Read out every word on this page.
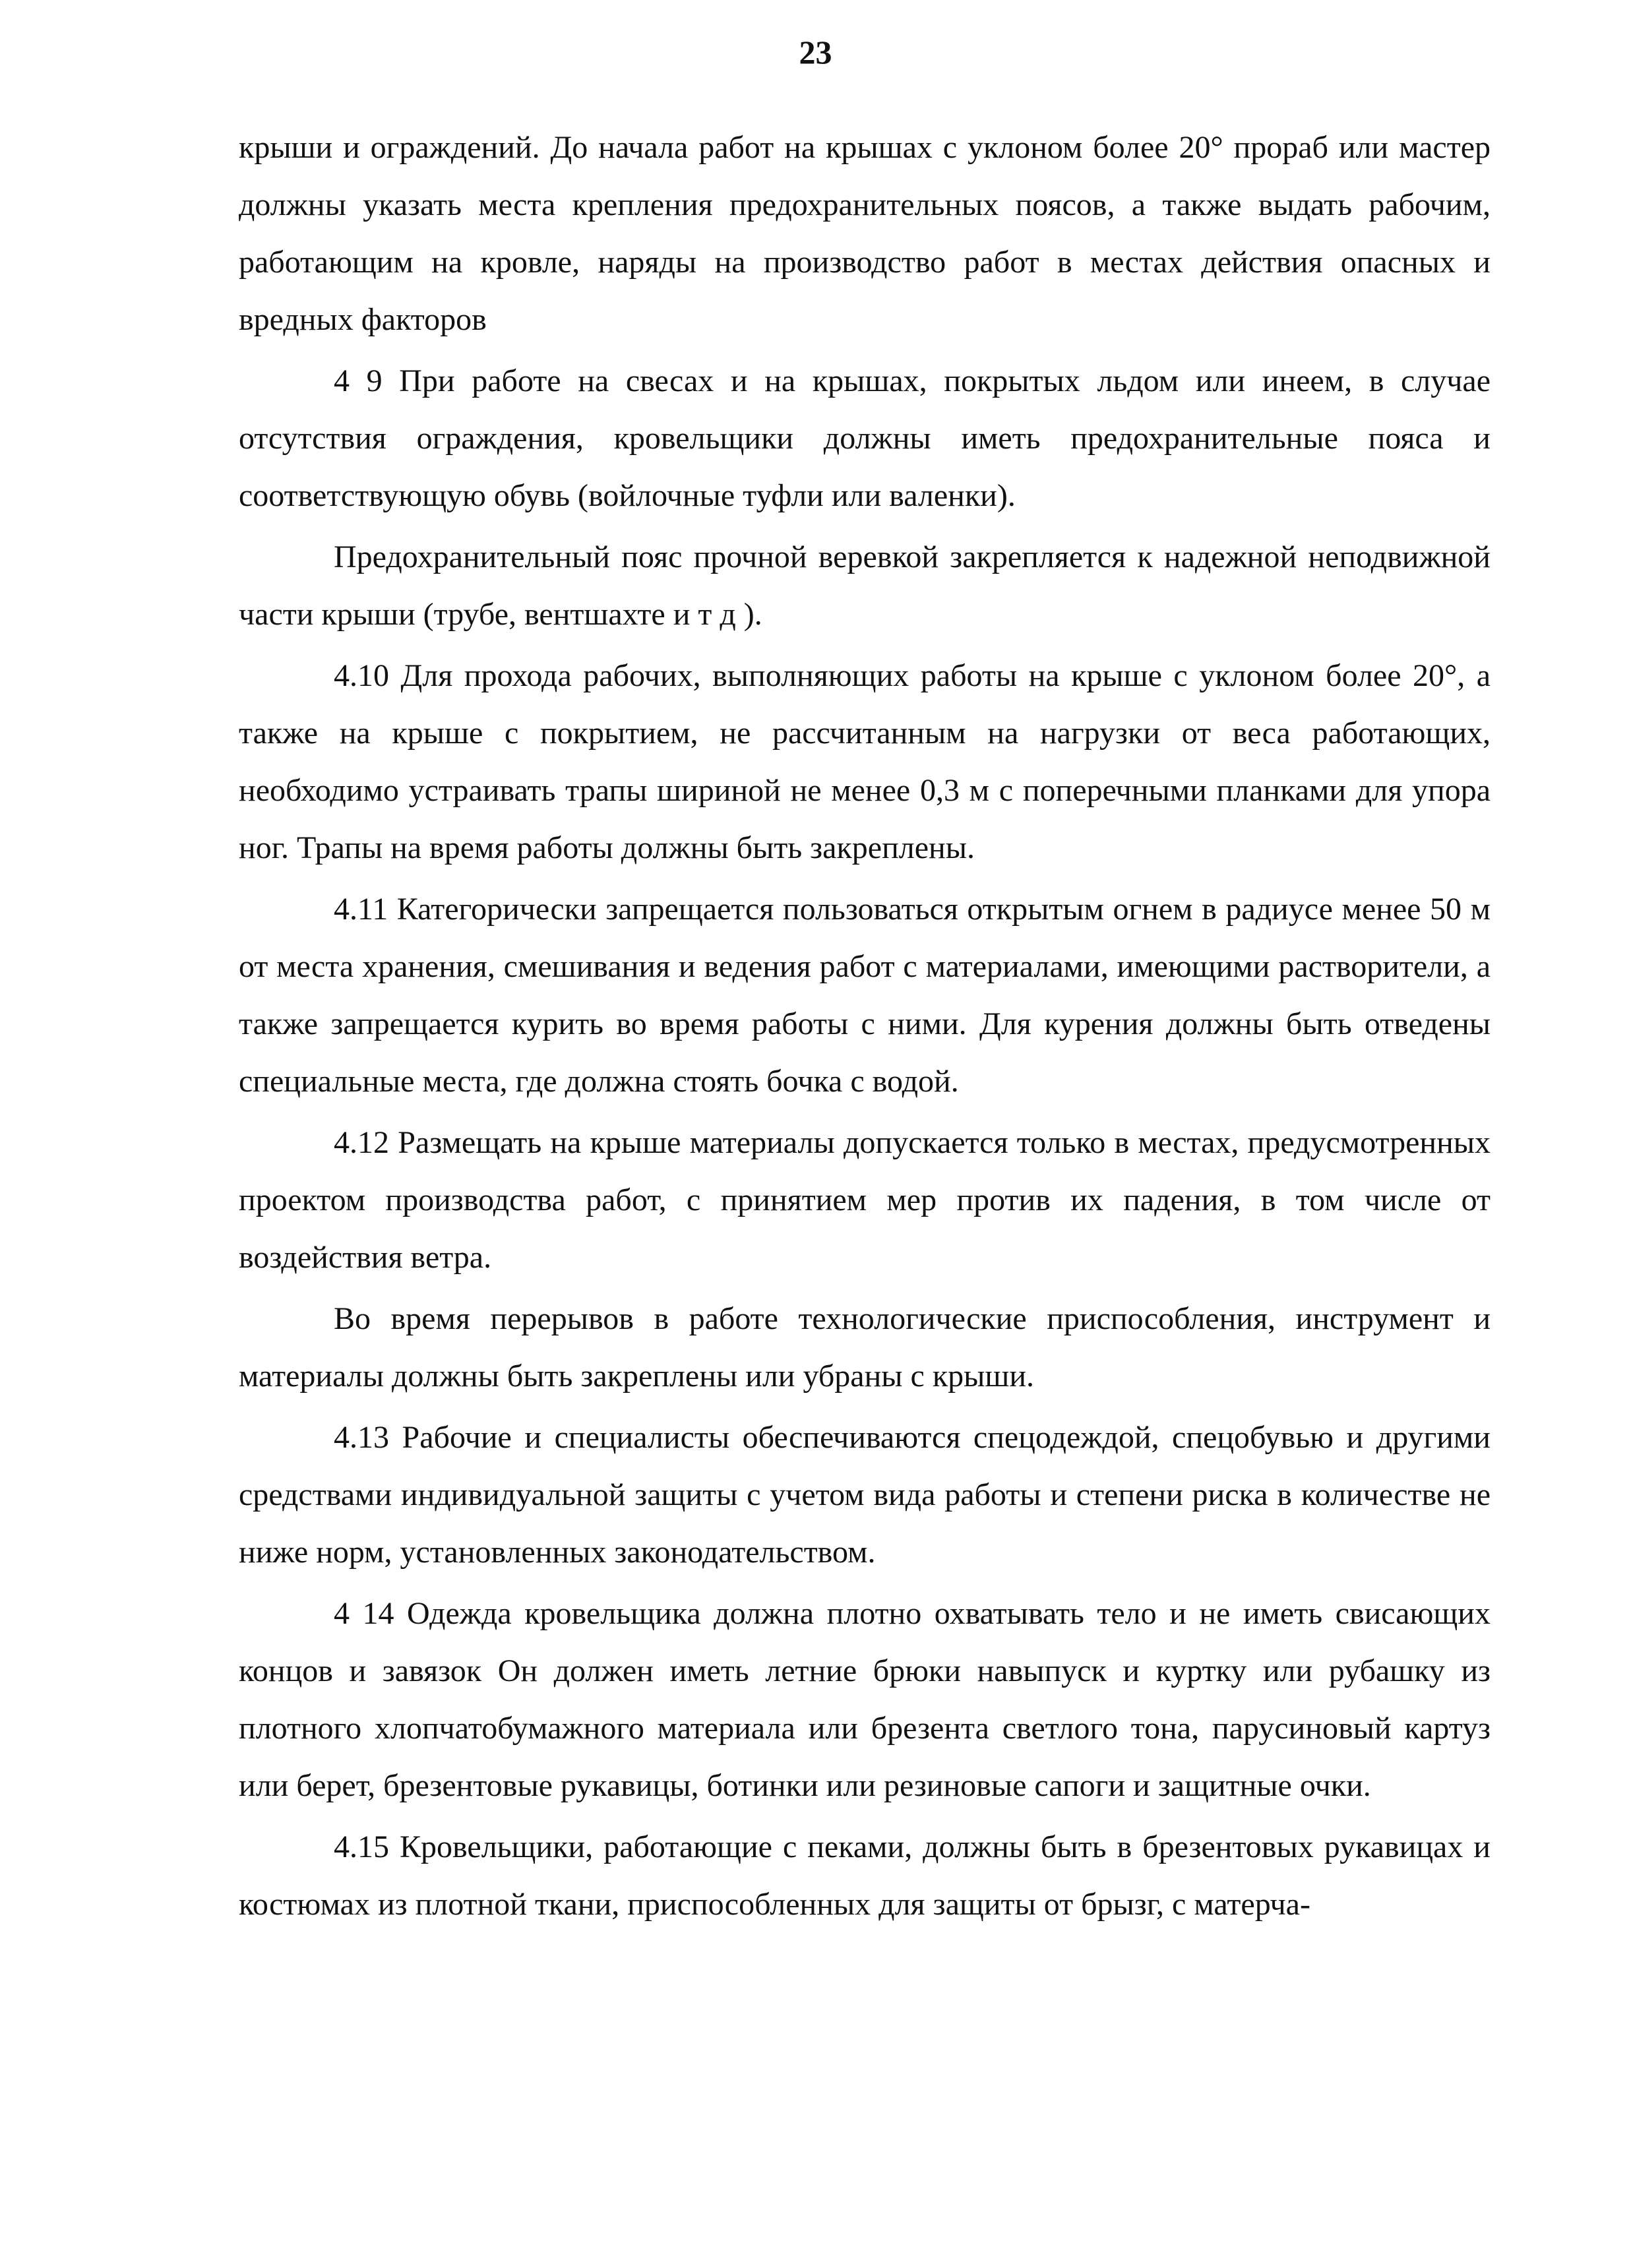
23

крыши и ограждений. До начала работ на крышах с уклоном более 20° прораб или мастер должны указать места крепления предохранительных поясов, а также выдать рабочим, работающим на кровле, наряды на производство работ в местах действия опасных и вредных факторов

4 9 При работе на свесах и на крышах, покрытых льдом или инеем, в случае отсутствия ограждения, кровельщики должны иметь предохранительные пояса и соответствующую обувь (войлочные туфли или валенки).

Предохранительный пояс прочной веревкой закрепляется к надежной неподвижной части крыши (трубе, вентшахте и т д ).

4.10 Для прохода рабочих, выполняющих работы на крыше с уклоном более 20°, а также на крыше с покрытием, не рассчитанным на нагрузки от веса работающих, необходимо устраивать трапы шириной не менее 0,3 м с поперечными планками для упора ног. Трапы на время работы должны быть закреплены.

4.11 Категорически запрещается пользоваться открытым огнем в радиусе менее 50 м от места хранения, смешивания и ведения работ с материалами, имеющими растворители, а также запрещается курить во время работы с ними. Для курения должны быть отведены специальные места, где должна стоять бочка с водой.

4.12 Размещать на крыше материалы допускается только в местах, предусмотренных проектом производства работ, с принятием мер против их падения, в том числе от воздействия ветра.

Во время перерывов в работе технологические приспособления, инструмент и материалы должны быть закреплены или убраны с крыши.

4.13 Рабочие и специалисты обеспечиваются спецодеждой, спецобувью и другими средствами индивидуальной защиты с учетом вида работы и степени риска в количестве не ниже норм, установленных законодательством.

4 14 Одежда кровельщика должна плотно охватывать тело и не иметь свисающих концов и завязок Он должен иметь летние брюки навыпуск и куртку или рубашку из плотного хлопчатобумажного материала или брезента светлого тона, парусиновый картуз или берет, брезентовые рукавицы, ботинки или резиновые сапоги и защитные очки.

4.15 Кровельщики, работающие с пеками, должны быть в брезентовых рукавицах и костюмах из плотной ткани, приспособленных для защиты от брызг, с матерча-
